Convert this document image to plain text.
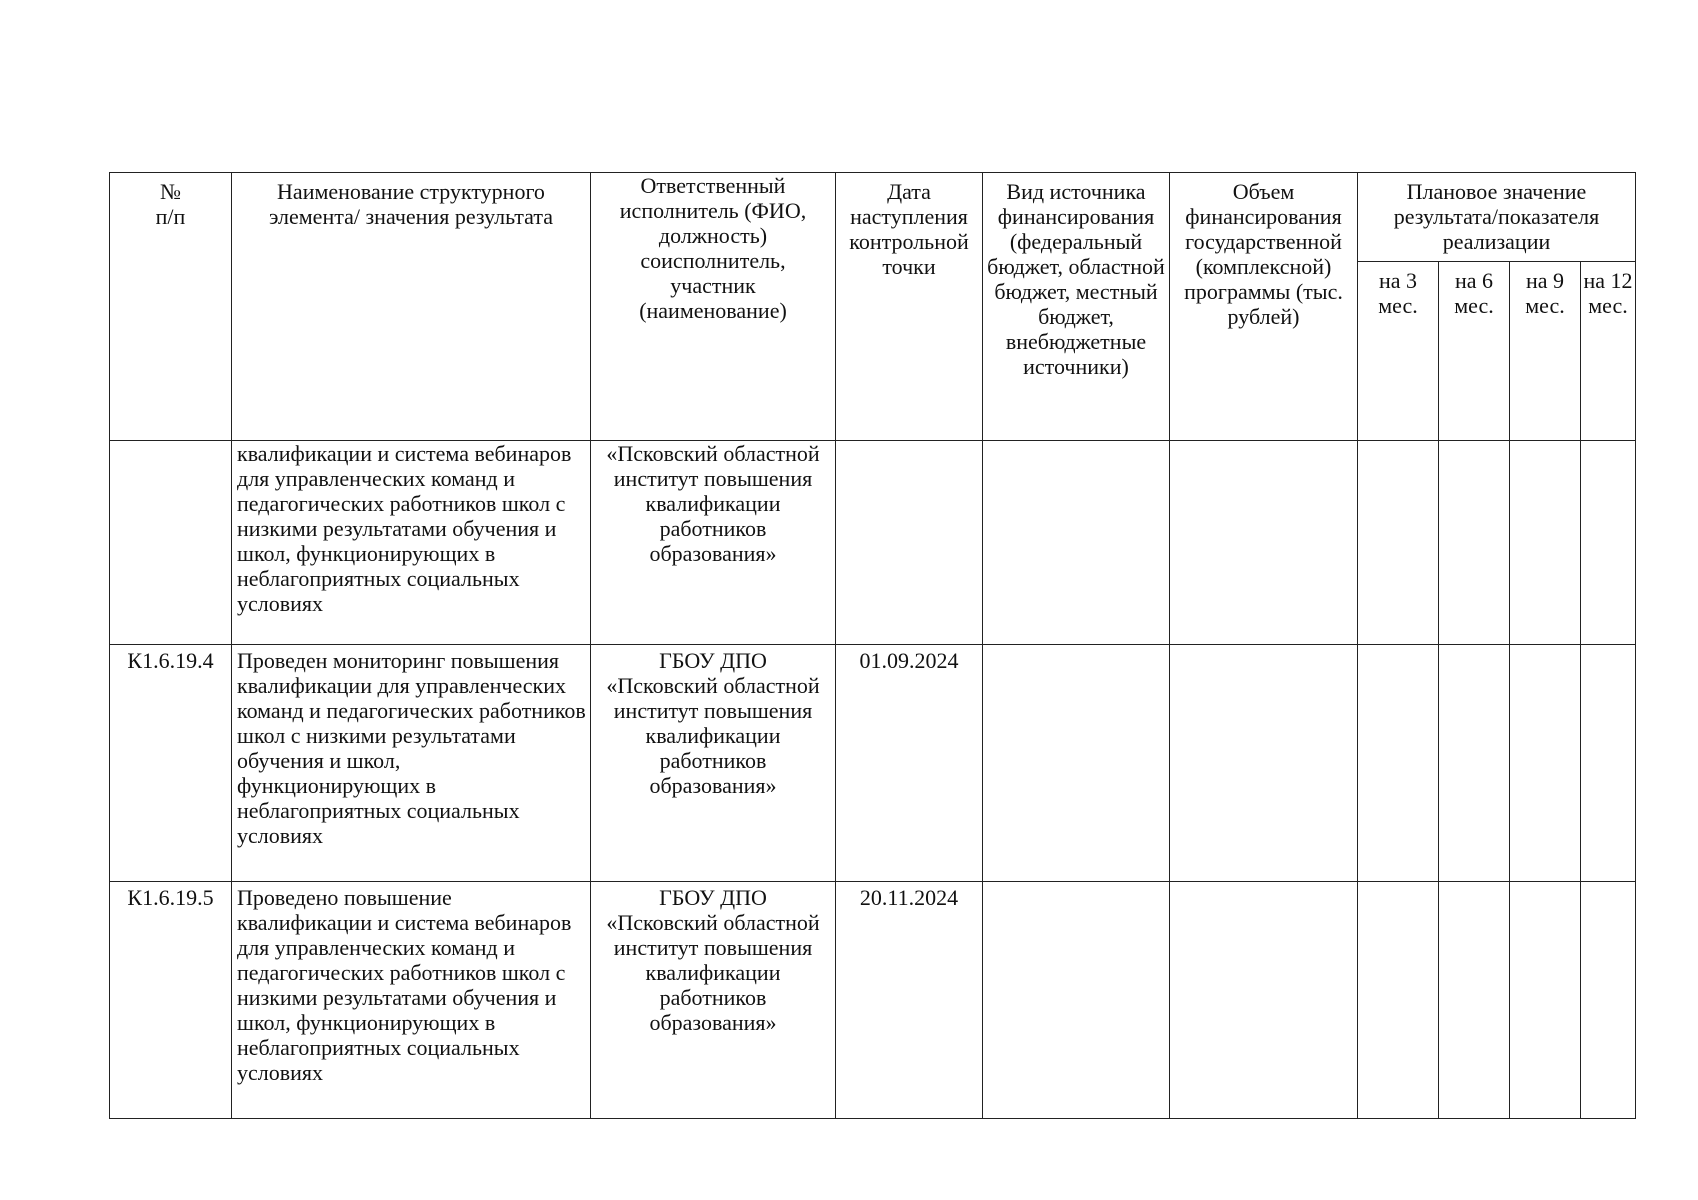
№
п/п	Наименование структурного элемента/ значения результата	Ответственный исполнитель (ФИО, должность) соисполнитель, участник (наименование)	Дата наступления контрольной точки	Вид источника финансирования (федеральный бюджет, областной бюджет, местный бюджет, внебюджетные источники)	Объем финансирования государственной (комплексной) программы (тыс. рублей)	Плановое значение результата/показателя реализации			

						на 3 мес.	на 6 мес.	на 9 мес.	на 12 мес.

	квалификации и система вебинаров для управленческих команд и педагогических работников школ с низкими результатами обучения и школ, функционирующих в неблагоприятных социальных условиях	«Псковский областной институт повышения квалификации работников образования»							
К1.6.19.4	Проведен мониторинг повышения квалификации для управленческих команд и педагогических работников школ с низкими результатами обучения и школ, функционирующих в неблагоприятных социальных условиях	ГБОУ ДПО «Псковский областной институт повышения квалификации работников образования»	01.09.2024						
К1.6.19.5	Проведено повышение квалификации и система вебинаров для управленческих команд и педагогических работников школ с низкими результатами обучения и школ, функционирующих в неблагоприятных социальных условиях	ГБОУ ДПО «Псковский областной институт повышения квалификации работников образования»	20.11.2024						
